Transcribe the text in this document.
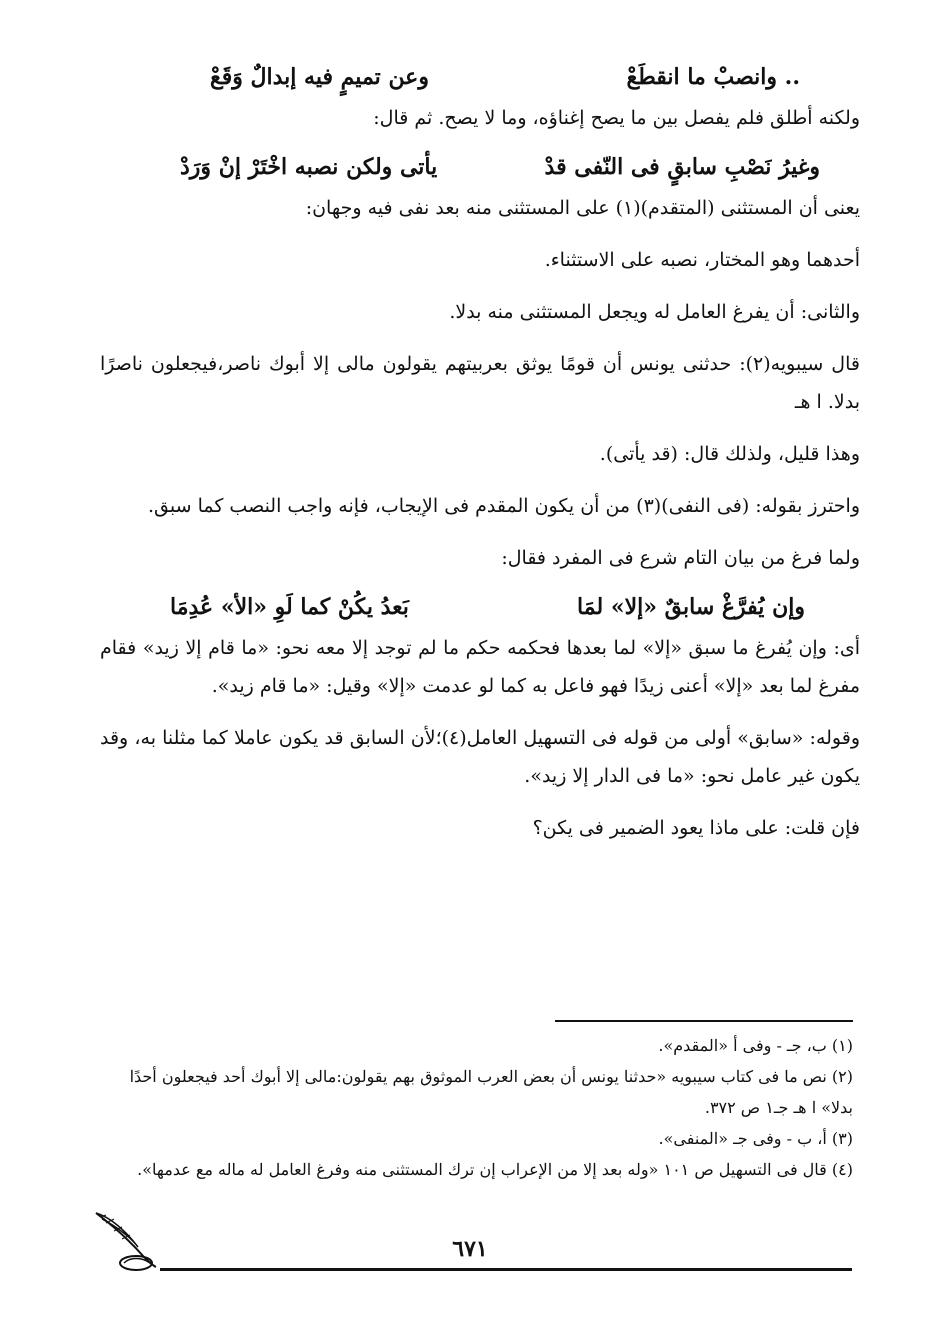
.. وانصبْ ما انقطَعْ
وعن تميمٍ فيه إبدالٌ وَقَعْ

ولكنه أطلق فلم يفصل بين ما يصح إغناؤه، وما لا يصح. ثم قال:

وغيرُ نَصْبِ سابقٍ فى النّفى قدْ
يأتى ولكن نصبه اخْتَرْ إنْ وَرَدْ

يعنى أن المستثنى (المتقدم)(١) على المستثنى منه بعد نفى فيه وجهان:

أحدهما وهو المختار، نصبه على الاستثناء.

والثانى: أن يفرغ العامل له ويجعل المستثنى منه بدلا.

قال سيبويه(٢): حدثنى يونس أن قومًا يوثق بعربيتهم يقولون مالى إلا أبوك ناصر،فيجعلون ناصرًا بدلا. ا هـ

وهذا قليل، ولذلك قال: (قد يأتى).

واحترز بقوله: (فى النفى)(٣) من أن يكون المقدم فى الإيجاب، فإنه واجب النصب كما سبق.

ولما فرغ من بيان التام شرع فى المفرد فقال:

وإن يُفرَّغْ سابقٌ «إلا» لمَا
بَعدُ يكُنْ كما لَوِ «الأ» عُدِمَا

أى: وإن يُفرغ ما سبق «إلا» لما بعدها فحكمه حكم ما لم توجد إلا معه نحو: «ما قام إلا زيد» فقام مفرغ لما بعد «إلا» أعنى زيدًا فهو فاعل به كما لو عدمت «إلا» وقيل: «ما قام زيد».

وقوله: «سابق» أولى من قوله فى التسهيل العامل(٤)؛لأن السابق قد يكون عاملا كما مثلنا به، وقد يكون غير عامل نحو: «ما فى الدار إلا زيد».

فإن قلت: على ماذا يعود الضمير فى يكن؟

(١) ب، جـ - وفى أ «المقدم».

(٢) نص ما فى كتاب سيبويه «حدثنا يونس أن بعض العرب الموثوق بهم يقولون:مالى إلا أبوك أحد فيجعلون أحدًا بدلا» ا هـ جـ١ ص ٣٧٢.

(٣) أ، ب - وفى جـ «المنفى».

(٤) قال فى التسهيل ص ١٠١ «وله بعد إلا من الإعراب إن ترك المستثنى منه وفرغ العامل له ماله مع عدمها».

٦٧١
